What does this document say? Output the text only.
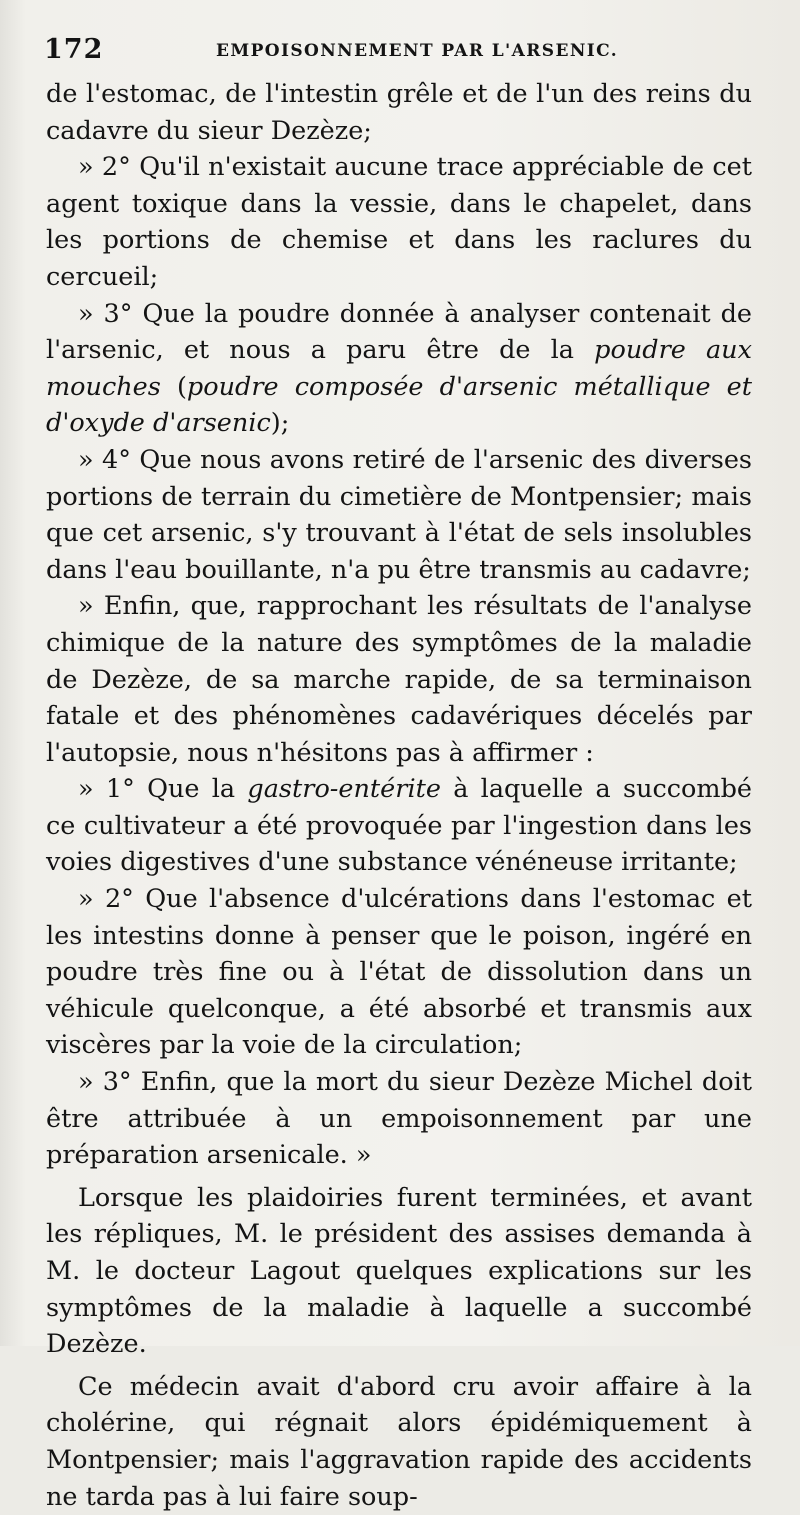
172	EMPOISONNEMENT PAR L'ARSENIC.

de l'estomac, de l'intestin grêle et de l'un des reins du cadavre du sieur Dezèze;

» 2° Qu'il n'existait aucune trace appréciable de cet agent toxique dans la vessie, dans le chapelet, dans les portions de chemise et dans les raclures du cercueil;

» 3° Que la poudre donnée à analyser contenait de l'arsenic, et nous a paru être de la poudre aux mouches (poudre composée d'arsenic métallique et d'oxyde d'arsenic);

» 4° Que nous avons retiré de l'arsenic des diverses portions de terrain du cimetière de Montpensier; mais que cet arsenic, s'y trouvant à l'état de sels insolubles dans l'eau bouillante, n'a pu être transmis au cadavre;

» Enfin, que, rapprochant les résultats de l'analyse chimique de la nature des symptômes de la maladie de Dezèze, de sa marche rapide, de sa terminaison fatale et des phénomènes cadavériques décelés par l'autopsie, nous n'hésitons pas à affirmer :

» 1° Que la gastro-entérite à laquelle a succombé ce cultivateur a été provoquée par l'ingestion dans les voies digestives d'une substance vénéneuse irritante;

» 2° Que l'absence d'ulcérations dans l'estomac et les intestins donne à penser que le poison, ingéré en poudre très fine ou à l'état de dissolution dans un véhicule quelconque, a été absorbé et transmis aux viscères par la voie de la circulation;

» 3° Enfin, que la mort du sieur Dezèze Michel doit être attribuée à un empoisonnement par une préparation arsenicale. »

Lorsque les plaidoiries furent terminées, et avant les répliques, M. le président des assises demanda à M. le docteur Lagout quelques explications sur les symptômes de la maladie à laquelle a succombé Dezèze.

Ce médecin avait d'abord cru avoir affaire à la cholérine, qui régnait alors épidémiquement à Montpensier; mais l'aggravation rapide des accidents ne tarda pas à lui faire soup-
